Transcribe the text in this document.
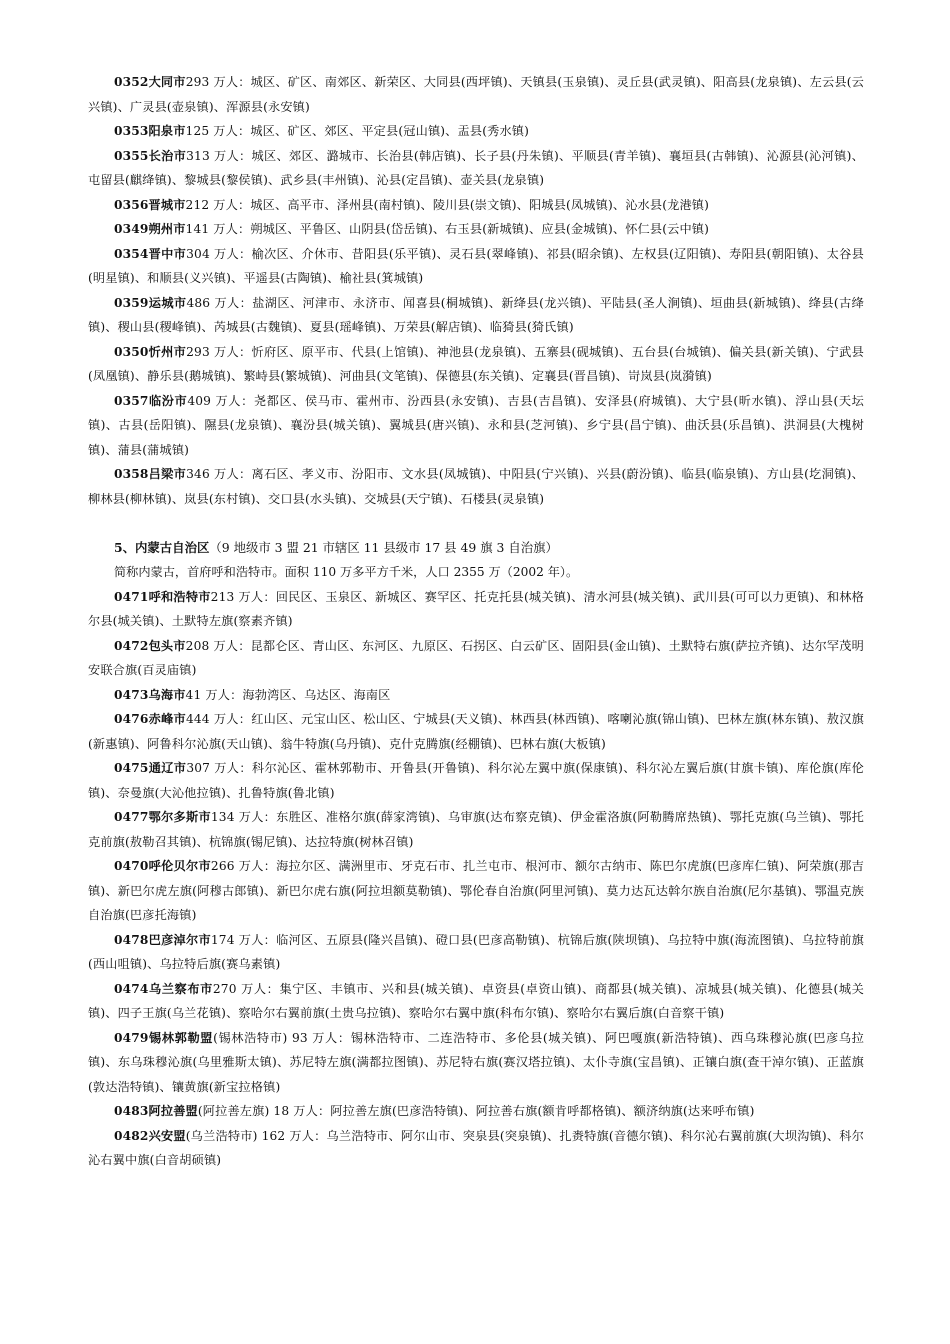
0352大同市293 万人：城区、矿区、南郊区、新荣区、大同县(西坪镇)、天镇县(玉泉镇)、灵丘县(武灵镇)、阳高县(龙泉镇)、左云县(云兴镇)、广灵县(壶泉镇)、浑源县(永安镇)

0353阳泉市125 万人：城区、矿区、郊区、平定县(冠山镇)、盂县(秀水镇)

0355长治市313 万人：城区、郊区、潞城市、长治县(韩店镇)、长子县(丹朱镇)、平顺县(青羊镇)、襄垣县(古韩镇)、沁源县(沁河镇)、屯留县(麒绛镇)、黎城县(黎侯镇)、武乡县(丰州镇)、沁县(定昌镇)、壶关县(龙泉镇)

0356晋城市212 万人：城区、高平市、泽州县(南村镇)、陵川县(崇文镇)、阳城县(凤城镇)、沁水县(龙港镇)

0349朔州市141 万人：朔城区、平鲁区、山阴县(岱岳镇)、右玉县(新城镇)、应县(金城镇)、怀仁县(云中镇)

0354晋中市304 万人：榆次区、介休市、昔阳县(乐平镇)、灵石县(翠峰镇)、祁县(昭余镇)、左权县(辽阳镇)、寿阳县(朝阳镇)、太谷县(明星镇)、和顺县(义兴镇)、平遥县(古陶镇)、榆社县(箕城镇)

0359运城市486 万人：盐湖区、河津市、永济市、闻喜县(桐城镇)、新绛县(龙兴镇)、平陆县(圣人涧镇)、垣曲县(新城镇)、绛县(古绛镇)、稷山县(稷峰镇)、芮城县(古魏镇)、夏县(瑶峰镇)、万荣县(解店镇)、临猗县(猗氏镇)

0350忻州市293 万人：忻府区、原平市、代县(上馆镇)、神池县(龙泉镇)、五寨县(砚城镇)、五台县(台城镇)、偏关县(新关镇)、宁武县(凤凰镇)、静乐县(鹅城镇)、繁峙县(繁城镇)、河曲县(文笔镇)、保德县(东关镇)、定襄县(晋昌镇)、岢岚县(岚漪镇)

0357临汾市409 万人：尧都区、侯马市、霍州市、汾西县(永安镇)、吉县(吉昌镇)、安泽县(府城镇)、大宁县(昕水镇)、浮山县(天坛镇)、古县(岳阳镇)、隰县(龙泉镇)、襄汾县(城关镇)、翼城县(唐兴镇)、永和县(芝河镇)、乡宁县(昌宁镇)、曲沃县(乐昌镇)、洪洞县(大槐树镇)、蒲县(蒲城镇)

0358吕梁市346 万人：离石区、孝义市、汾阳市、文水县(凤城镇)、中阳县(宁兴镇)、兴县(蔚汾镇)、临县(临泉镇)、方山县(圪洞镇)、柳林县(柳林镇)、岚县(东村镇)、交口县(水头镇)、交城县(天宁镇)、石楼县(灵泉镇)

5、内蒙古自治区（9 地级市 3 盟 21 市辖区 11 县级市 17 县 49 旗 3 自治旗）

简称内蒙古，首府呼和浩特市。面积 110 万多平方千米，人口 2355 万（2002 年）。

0471呼和浩特市213 万人：回民区、玉泉区、新城区、赛罕区、托克托县(城关镇)、清水河县(城关镇)、武川县(可可以力更镇)、和林格尔县(城关镇)、土默特左旗(察素齐镇)

0472包头市208 万人：昆都仑区、青山区、东河区、九原区、石拐区、白云矿区、固阳县(金山镇)、土默特右旗(萨拉齐镇)、达尔罕茂明安联合旗(百灵庙镇)

0473乌海市41 万人：海勃湾区、乌达区、海南区

0476赤峰市444 万人：红山区、元宝山区、松山区、宁城县(天义镇)、林西县(林西镇)、喀喇沁旗(锦山镇)、巴林左旗(林东镇)、敖汉旗(新惠镇)、阿鲁科尔沁旗(天山镇)、翁牛特旗(乌丹镇)、克什克腾旗(经棚镇)、巴林右旗(大板镇)

0475通辽市307 万人：科尔沁区、霍林郭勒市、开鲁县(开鲁镇)、科尔沁左翼中旗(保康镇)、科尔沁左翼后旗(甘旗卡镇)、库伦旗(库伦镇)、奈曼旗(大沁他拉镇)、扎鲁特旗(鲁北镇)

0477鄂尔多斯市134 万人：东胜区、准格尔旗(薛家湾镇)、乌审旗(达布察克镇)、伊金霍洛旗(阿勒腾席热镇)、鄂托克旗(乌兰镇)、鄂托克前旗(敖勒召其镇)、杭锦旗(锡尼镇)、达拉特旗(树林召镇)

0470呼伦贝尔市266 万人：海拉尔区、满洲里市、牙克石市、扎兰屯市、根河市、额尔古纳市、陈巴尔虎旗(巴彦库仁镇)、阿荣旗(那吉镇)、新巴尔虎左旗(阿穆古郎镇)、新巴尔虎右旗(阿拉坦额莫勒镇)、鄂伦春自治旗(阿里河镇)、莫力达瓦达斡尔族自治旗(尼尔基镇)、鄂温克族自治旗(巴彦托海镇)

0478巴彦淖尔市174 万人：临河区、五原县(隆兴昌镇)、磴口县(巴彦高勒镇)、杭锦后旗(陕坝镇)、乌拉特中旗(海流图镇)、乌拉特前旗(西山咀镇)、乌拉特后旗(赛乌素镇)

0474乌兰察布市270 万人：集宁区、丰镇市、兴和县(城关镇)、卓资县(卓资山镇)、商都县(城关镇)、凉城县(城关镇)、化德县(城关镇)、四子王旗(乌兰花镇)、察哈尔右翼前旗(土贵乌拉镇)、察哈尔右翼中旗(科布尔镇)、察哈尔右翼后旗(白音察干镇)

0479锡林郭勒盟(锡林浩特市) 93 万人：锡林浩特市、二连浩特市、多伦县(城关镇)、阿巴嘎旗(新浩特镇)、西乌珠穆沁旗(巴彦乌拉镇)、东乌珠穆沁旗(乌里雅斯太镇)、苏尼特左旗(满都拉图镇)、苏尼特右旗(赛汉塔拉镇)、太仆寺旗(宝昌镇)、正镶白旗(查干淖尔镇)、正蓝旗(敦达浩特镇)、镶黄旗(新宝拉格镇)

0483阿拉善盟(阿拉善左旗) 18 万人：阿拉善左旗(巴彦浩特镇)、阿拉善右旗(额肯呼都格镇)、额济纳旗(达来呼布镇)

0482兴安盟(乌兰浩特市) 162 万人：乌兰浩特市、阿尔山市、突泉县(突泉镇)、扎赉特旗(音德尔镇)、科尔沁右翼前旗(大坝沟镇)、科尔沁右翼中旗(白音胡硕镇)
